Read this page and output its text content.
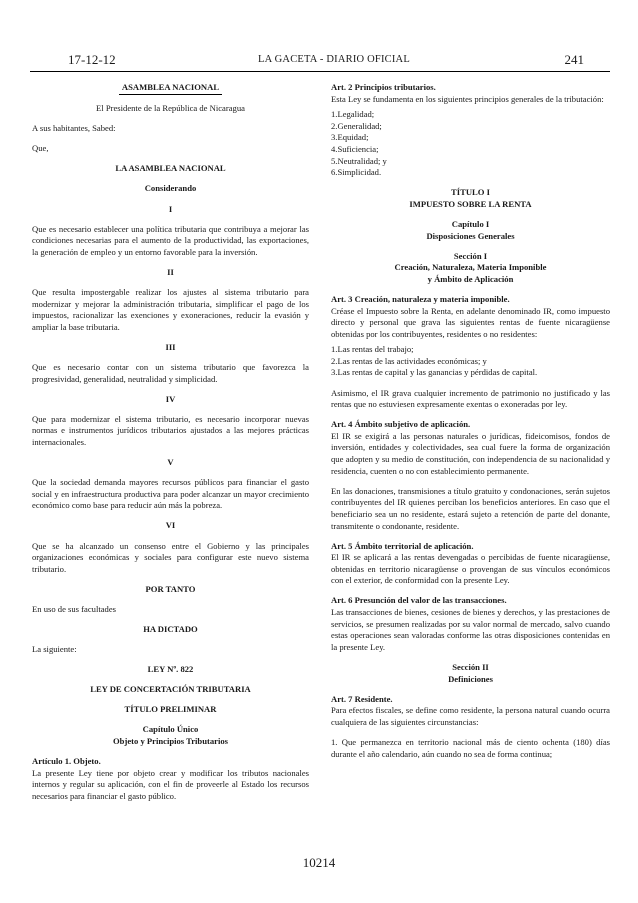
17-12-12	LA GACETA - DIARIO OFICIAL	241

ASAMBLEA NACIONAL

El Presidente de la República de Nicaragua

A sus habitantes, Sabed:

Que,

LA ASAMBLEA NACIONAL

Considerando

I

Que es necesario establecer una política tributaria que contribuya a mejorar las condiciones necesarias para el aumento de la productividad, las exportaciones, la generación de empleo y un entorno favorable para la inversión.

II

Que resulta impostergable realizar los ajustes al sistema tributario para modernizar y mejorar la administración tributaria, simplificar el pago de los impuestos, racionalizar las exenciones y exoneraciones, reducir la evasión y ampliar la base tributaria.

III

Que es necesario contar con un sistema tributario que favorezca la progresividad, generalidad, neutralidad y simplicidad.

IV

Que para modernizar el sistema tributario, es necesario incorporar nuevas normas e instrumentos jurídicos tributarios ajustados a las mejores prácticas internacionales.

V

Que la sociedad demanda mayores recursos públicos para financiar el gasto social y en infraestructura productiva para poder alcanzar un mayor crecimiento económico como base para reducir aún más la pobreza.

VI

Que se ha alcanzado un consenso entre el Gobierno y las principales organizaciones económicas y sociales para configurar este nuevo sistema tributario.

POR TANTO

En uso de sus facultades

HA DICTADO

La siguiente:

LEY Nº. 822

LEY DE CONCERTACIÓN TRIBUTARIA

TÍTULO PRELIMINAR

Capítulo Único

Objeto y Principios Tributarios

Artículo 1. Objeto.

La presente Ley tiene por objeto crear y modificar los tributos nacionales internos y regular su aplicación, con el fin de proveerle al Estado los recursos necesarios para financiar el gasto público.

Art. 2 Principios tributarios.

Esta Ley se fundamenta en los siguientes principios generales de la tributación:

1.Legalidad;

2.Generalidad;

3.Equidad;

4.Suficiencia;

5.Neutralidad; y

6.Simplicidad.

TÍTULO I

IMPUESTO SOBRE LA RENTA

Capítulo I

Disposiciones Generales

Sección I

Creación, Naturaleza, Materia Imponible

y Ámbito de Aplicación

Art. 3 Creación, naturaleza y materia imponible.

Créase el Impuesto sobre la Renta, en adelante denominado IR, como impuesto directo y personal que grava las siguientes rentas de fuente nicaragüense obtenidas por los contribuyentes, residentes o no residentes:

1.Las rentas del trabajo;

2.Las rentas de las actividades económicas; y

3.Las rentas de capital y las ganancias y pérdidas de capital.

Asimismo, el IR grava cualquier incremento de patrimonio no justificado y las rentas que no estuviesen expresamente exentas o exoneradas por ley.

Art. 4 Ámbito subjetivo de aplicación.

El IR se exigirá a las personas naturales o jurídicas, fideicomisos, fondos de inversión, entidades y colectividades, sea cual fuere la forma de organización que adopten y su medio de constitución, con independencia de su nacionalidad y residencia, cuenten o no con establecimiento permanente.

En las donaciones, transmisiones a título gratuito y condonaciones, serán sujetos contribuyentes del IR quienes perciban los beneficios anteriores. En caso que el beneficiario sea un no residente, estará sujeto a retención de parte del donante, transmitente o condonante, residente.

Art. 5 Ámbito territorial de aplicación.

El IR se aplicará a las rentas devengadas o percibidas de fuente nicaragüense, obtenidas en territorio nicaragüense o provengan de sus vínculos económicos con el exterior, de conformidad con la presente Ley.

Art. 6 Presunción del valor de las transacciones.

Las transacciones de bienes, cesiones de bienes y derechos, y las prestaciones de servicios, se presumen realizadas por su valor normal de mercado, salvo cuando estas operaciones sean valoradas conforme las otras disposiciones contenidas en la presente Ley.

Sección II

Definiciones

Art. 7 Residente.

Para efectos fiscales, se define como residente, la persona natural cuando ocurra cualquiera de las siguientes circunstancias:

1. Que permanezca en territorio nacional más de ciento ochenta (180) días durante el año calendario, aún cuando no sea de forma continua;

10214
